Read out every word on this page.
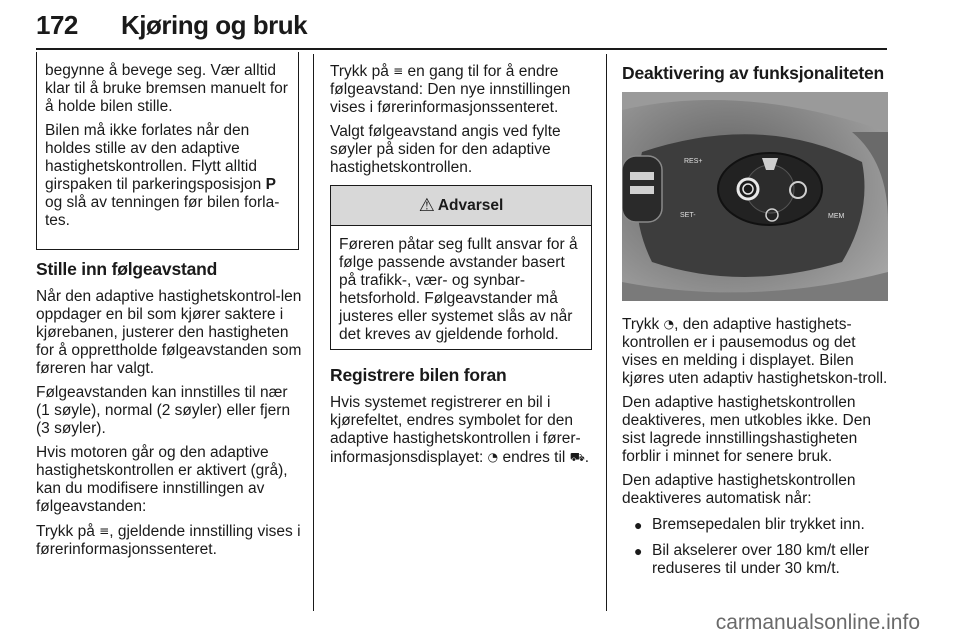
172 Kjøring og bruk

begynne å bevege seg. Vær alltid klar til å bruke bremsen manuelt for å holde bilen stille.

Bilen må ikke forlates når den holdes stille av den adaptive hastighetskontrollen. Flytt alltid girspaken til parkeringsposisjon P og slå av tenningen før bilen forla-tes.

Stille inn følgeavstand

Når den adaptive hastighetskontrol-len oppdager en bil som kjører saktere i kjørebanen, justerer den hastigheten for å opprettholde følgeavstanden som føreren har valgt.

Følgeavstanden kan innstilles til nær (1 søyle), normal (2 søyler) eller fjern (3 søyler).

Hvis motoren går og den adaptive hastighetskontrollen er aktivert (grå), kan du modifisere innstillingen av følgeavstanden:

Trykk på ≡, gjeldende innstilling vises i førerinformasjonssenteret.

Trykk på ≡ en gang til for å endre følgeavstand: Den nye innstillingen vises i førerinformasjonssenteret.

Valgt følgeavstand angis ved fylte søyler på siden for den adaptive hastighetskontrollen.

⚠ Advarsel

Føreren påtar seg fullt ansvar for å følge passende avstander basert på trafikk-, vær- og synbar-hetsforhold. Følgeavstander må justeres eller systemet slås av når det kreves av gjeldende forhold.

Registrere bilen foran

Hvis systemet registrerer en bil i kjørefeltet, endres symbolet for den adaptive hastighetskontrollen i fører-informasjonsdisplayet: ◔ endres til ⛟.

Deaktivering av funksjonaliteten
RES+
SET-	MEM

Trykk ◔, den adaptive hastighets-kontrollen er i pausemodus og det vises en melding i displayet. Bilen kjøres uten adaptiv hastighetskon-troll.

Den adaptive hastighetskontrollen deaktiveres, men utkobles ikke. Den sist lagrede innstillingshastigheten forblir i minnet for senere bruk.

Den adaptive hastighetskontrollen deaktiveres automatisk når:

● Bremsepedalen blir trykket inn.
● Bil akselerer over 180 km/t eller reduseres til under 30 km/t.
carmanualsonline.info
